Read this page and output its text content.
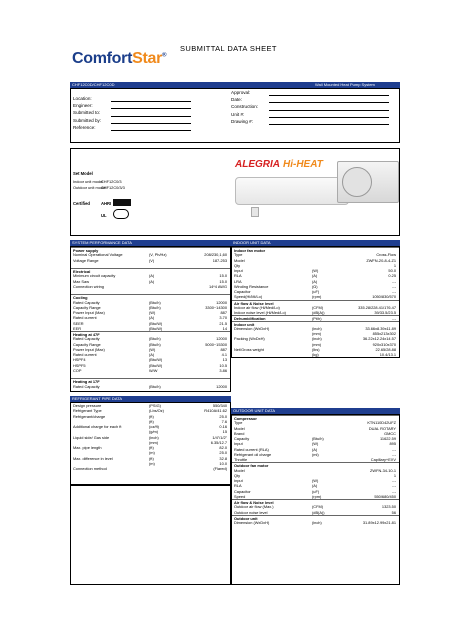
ComfortStar®
SUBMITTAL DATA SHEET
CHF12C0D/CHF12C0D	Wall Mounted Heat Pump System
Location:
Engineer:
Submitted to:
Submitted by:
Reference:
Approval:
Date:
Construction:
Unit #:
Drawing #:
Set Model
Indoor unit model
CHF12C0/3
Outdoor unit model
CHF12C0/3/3
Certified	AHRI
UL
ALEGRIA Hi-HEAT
SYSTEM PERFORMANCE DATA	INDOOR UNIT DATA
Power supply
Nominal Operational Voltage	(V, Ph/Hz)	208/230,1,60
Voltage Range	(V)	187-253
Electrical
Minimum circuit capacity	(A)	15.0
Max Saw	(A)	15.0
Connection wiring	14*4 AWG
Cooling
Rated Capacity	(Btu/h)	12000
Capacity Range	(Btu/h)	3300~14300
Power Input (Max)	(W)	887
Rated current	(A)	3.70
SEER	(Btu/W)	21.5
EER	(Btu/W)	14
Heating at 47F
Rated Capacity	(Btu/h)	12000
Capacity Range	(Btu/h)	5000~15300
Power Input (Max)	(W)	887
Rated current	(A)	4.1
HSPF4	(Btu/W)	13
HSPF5	(Btu/W)	10.5
COP	W/W	3.86
Heating at 17F
Rated Capacity	(Btu/h)	12000
Indoor fan motor
Type	Cross-Flow
Model	ZWFN-20-8-4-Z1
Qty	1
Input	(W)	50.0
RLA	(A)	0.25
LRA	(A)	---
Winding Resistance	(Ω)	---
Capacitor	(uF)	---
Speed(Hi/Mi/Lo)	(rpm)	1050/830/570
Air flow & Noise level
Indoor air flow (Hi/Med/Lo)	(CFM)	335.28/228.41/176.47
Indoor noise level (Hi/Med/Lo)	(dB(A))	39/33.5/23.5
Dehumidification	(Pt/h)	---
Indoor unit
Dimension (WxDxH)	(inch)	33.66x8.39x11.89
(mm)	855x213x302
Packing (WxDxH)	(inch)	36.22x12.24x14.57
(mm)	920x310x370
Net/Gross weight	(lbs)	22.65/28.88
(kg)	10.4/13.1
OUTDOOR UNIT DATA
Compressor
Type	KTN110D42UFZ
Model	DUAL ROTARY
Brand	GMCC
Capacity	(Btu/h)	11622.59
Input	(W)	895
Rated current (RLA)	(A)	---
Refrigerant oil charge	(ml)	---
Throttle	Capillary+EXV
Outdoor fan motor
Model	ZWFN-34-10-1
Qty	1
Input	(W)	---
RLA	(A)	---
Capacitor	(uF)	---
Speed	(rpm)	550/680/450
Air flow & Noise level
Outdoor air flow (Max.)	(CFM)	1323.50
Outdoor noise level	(dB(A))	56
Outdoor unit
Dimension (WxDxH)	(inch)	31.89x12.99x21.81
REFRIGERANT PIPE DATA
Design pressure	(PSIG)	550/340
Refrigerant Type	(Lbs/Oz)	R410A/41.62
Refrigerant/charge	(ft)	25.0
(ft)	7.6
Additional charge for each ft	(oz/ft)	0.16
(g/m)	15
Liquid side/ Gas side	(inch)	1/4"/1/2"
(mm)	6.35/12.7
Max. pipe length	(ft)	82.0
(m)	25.0
Max. difference in level	(ft)	32.8
(m)	10.0
Connection method	(Flared)
